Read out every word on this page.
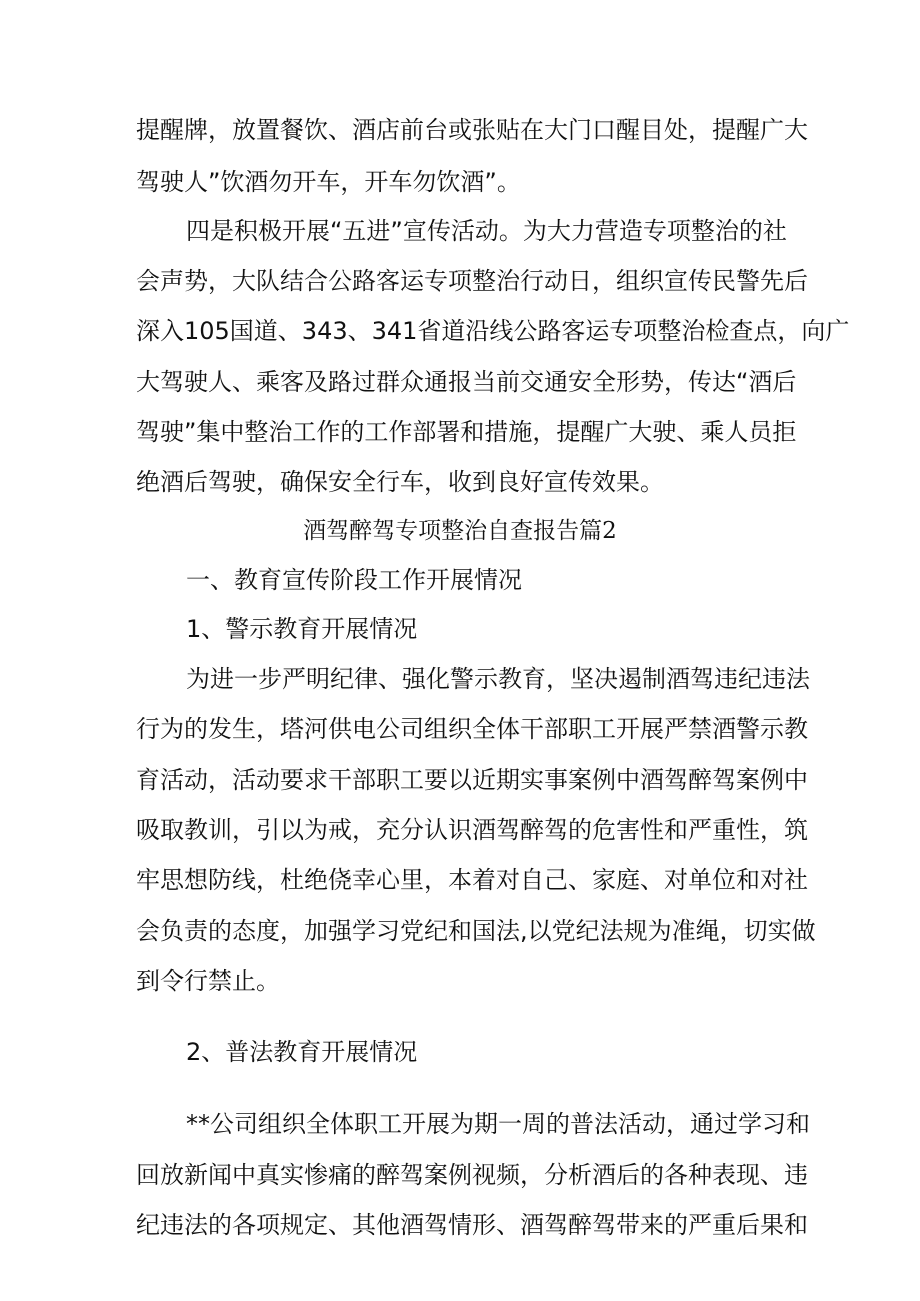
提醒牌，放置餐饮、酒店前台或张贴在大门口醒目处，提醒广大
驾驶人”饮酒勿开车，开车勿饮酒”。
四是积极开展“五进”宣传活动。为大力营造专项整治的社
会声势，大队结合公路客运专项整治行动日，组织宣传民警先后
深入105国道、343、341省道沿线公路客运专项整治检查点，向广
大驾驶人、乘客及路过群众通报当前交通安全形势，传达“酒后
驾驶”集中整治工作的工作部署和措施，提醒广大驶、乘人员拒
绝酒后驾驶，确保安全行车，收到良好宣传效果。
酒驾醉驾专项整治自查报告篇2
一、教育宣传阶段工作开展情况
1、警示教育开展情况
为进一步严明纪律、强化警示教育，坚决遏制酒驾违纪违法
行为的发生，塔河供电公司组织全体干部职工开展严禁酒警示教
育活动，活动要求干部职工要以近期实事案例中酒驾醉驾案例中
吸取教训，引以为戒，充分认识酒驾醉驾的危害性和严重性，筑
牢思想防线，杜绝侥幸心里，本着对自己、家庭、对单位和对社
会负责的态度，加强学习党纪和国法,以党纪法规为准绳，切实做
到令行禁止。
2、普法教育开展情况
**公司组织全体职工开展为期一周的普法活动，通过学习和
回放新闻中真实惨痛的醉驾案例视频，分析酒后的各种表现、违
纪违法的各项规定、其他酒驾情形、酒驾醉驾带来的严重后果和
